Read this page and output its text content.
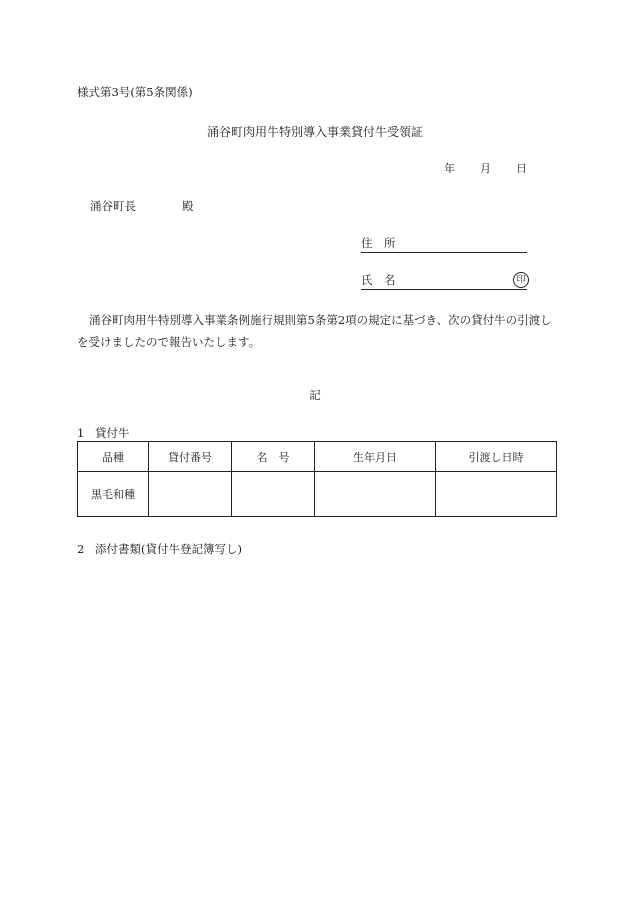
様式第3号(第5条関係)
涌谷町肉用牛特別導入事業貸付牛受領証
年 月 日
涌谷町長	殿
住　所
氏　名	印
涌谷町肉用牛特別導入事業条例施行規則第5条第2項の規定に基づき、次の貸付牛の引渡しを受けましたので報告いたします。
記
1 貸付牛
品種	貸付番号	名　号	生年月日	引渡し日時
黒毛和種				
2 添付書類(貸付牛登記簿写し)
